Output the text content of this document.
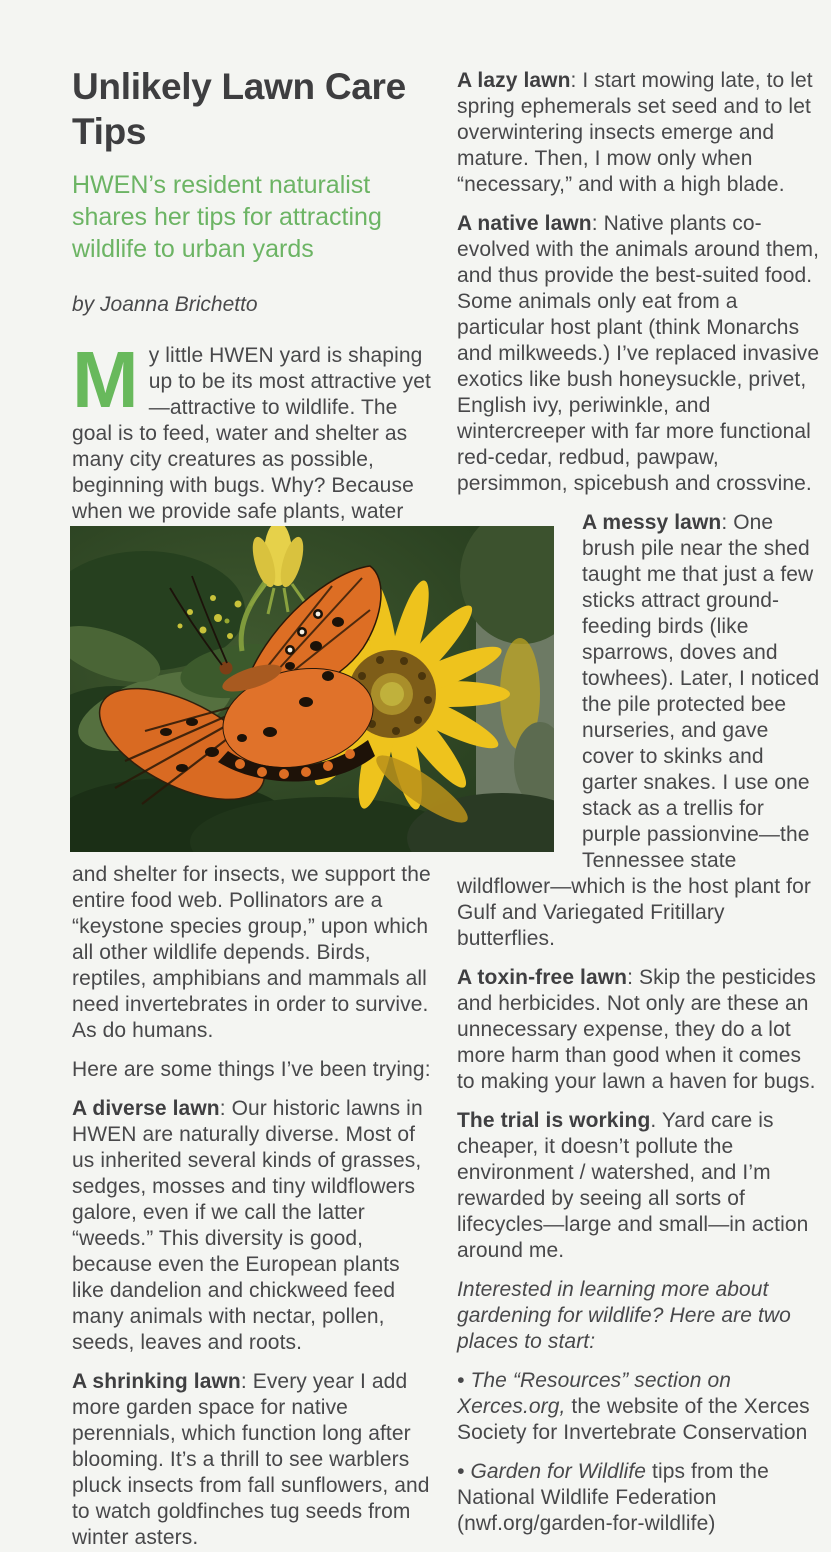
Unlikely Lawn Care Tips
HWEN’s resident naturalist shares her tips for attracting wildlife to urban yards

by Joanna Brichetto

My little HWEN yard is shaping up to be its most attractive yet—attractive to wildlife. The goal is to feed, water and shelter as many city creatures as possible, beginning with bugs. Why? Because when we provide safe plants, water

and shelter for insects, we support the entire food web. Pollinators are a “keystone species group,” upon which all other wildlife depends. Birds, reptiles, amphibians and mammals all need invertebrates in order to survive. As do humans.

Here are some things I’ve been trying:

A diverse lawn: Our historic lawns in HWEN are naturally diverse. Most of us inherited several kinds of grasses, sedges, mosses and tiny wildflowers galore, even if we call the latter “weeds.” This diversity is good, because even the European plants like dandelion and chickweed feed many animals with nectar, pollen, seeds, leaves and roots.

A shrinking lawn: Every year I add more garden space for native perennials, which function long after blooming. It’s a thrill to see warblers pluck insects from fall sunflowers, and to watch goldfinches tug seeds from winter asters.

A lazy lawn: I start mowing late, to let spring ephemerals set seed and to let overwintering insects emerge and mature. Then, I mow only when “necessary,” and with a high blade.

A native lawn: Native plants co-evolved with the animals around them, and thus provide the best-suited food. Some animals only eat from a particular host plant (think Monarchs and milkweeds.) I’ve replaced invasive exotics like bush honeysuckle, privet, English ivy, periwinkle, and wintercreeper with far more functional red-cedar, redbud, pawpaw, persimmon, spicebush and crossvine.

A messy lawn: One brush pile near the shed taught me that just a few sticks attract ground-feeding birds (like sparrows, doves and towhees). Later, I noticed the pile protected bee nurseries, and gave cover to skinks and garter snakes. I use one stack as a trellis for purple passionvine—the Tennessee state wildflower—which is the host plant for Gulf and Variegated Fritillary butterflies.

A toxin-free lawn: Skip the pesticides and herbicides. Not only are these an unnecessary expense, they do a lot more harm than good when it comes to making your lawn a haven for bugs.

The trial is working. Yard care is cheaper, it doesn’t pollute the environment / watershed, and I’m rewarded by seeing all sorts of lifecycles—large and small—in action around me.

Interested in learning more about gardening for wildlife? Here are two places to start:

• The “Resources” section on Xerces.org, the website of the Xerces Society for Invertebrate Conservation

• Garden for Wildlife tips from the National Wildlife Federation (nwf.org/garden-for-wildlife)
